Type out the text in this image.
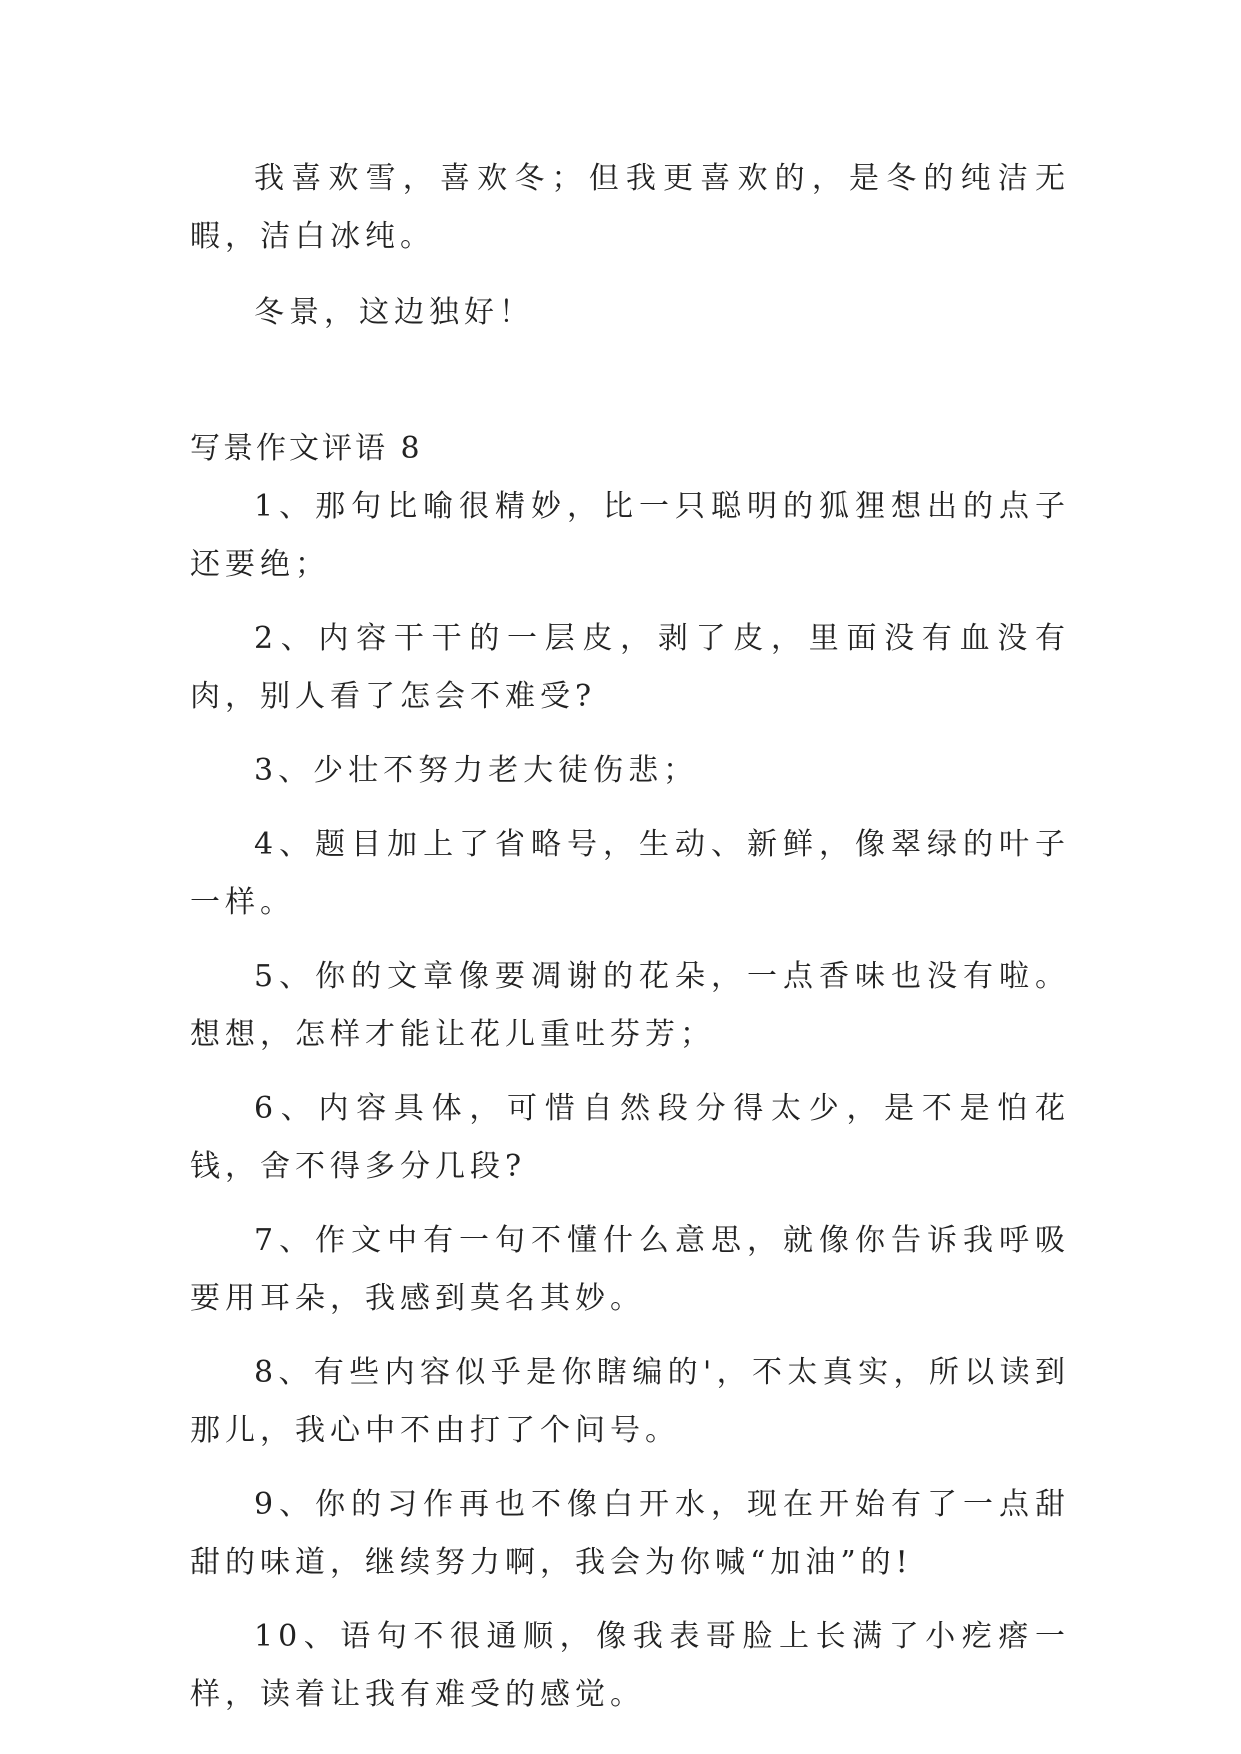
我喜欢雪，喜欢冬；但我更喜欢的，是冬的纯洁无暇，洁白冰纯。

冬景，这边独好！

写景作文评语 8

1、那句比喻很精妙，比一只聪明的狐狸想出的点子还要绝；

2、内容干干的一层皮，剥了皮，里面没有血没有肉，别人看了怎会不难受?

3、少壮不努力老大徒伤悲；

4、题目加上了省略号，生动、新鲜，像翠绿的叶子一样。

5、你的文章像要凋谢的花朵，一点香味也没有啦。想想，怎样才能让花儿重吐芬芳；

6、内容具体，可惜自然段分得太少，是不是怕花钱，舍不得多分几段?

7、作文中有一句不懂什么意思，就像你告诉我呼吸要用耳朵，我感到莫名其妙。

8、有些内容似乎是你瞎编的'，不太真实，所以读到那儿，我心中不由打了个问号。

9、你的习作再也不像白开水，现在开始有了一点甜甜的味道，继续努力啊，我会为你喊“加油”的!

10、语句不很通顺，像我表哥脸上长满了小疙瘩一样，读着让我有难受的感觉。
